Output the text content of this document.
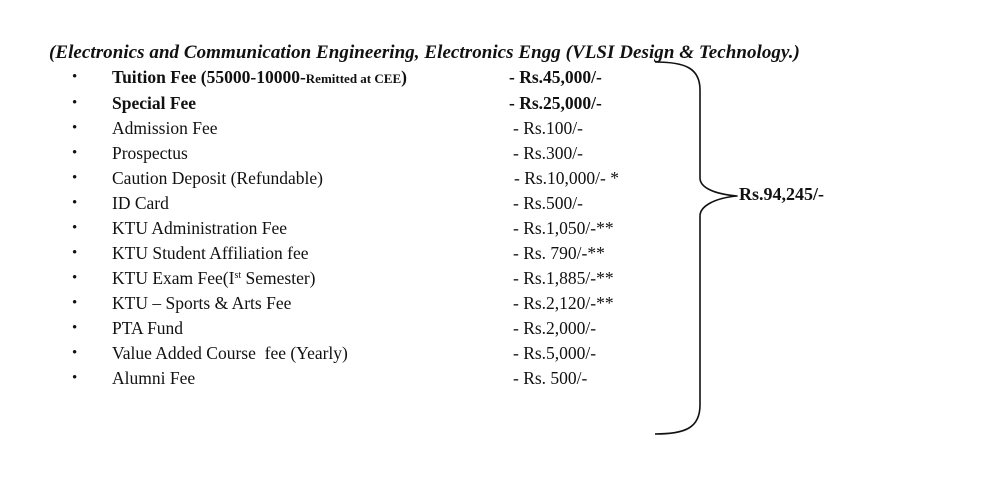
(Electronics and Communication Engineering, Electronics Engg (VLSI Design & Technology.)
• Tuition Fee (55000-10000-Remitted at CEE)	- Rs.45,000/-
• Special Fee	- Rs.25,000/-
• Admission Fee	- Rs.100/-
• Prospectus	- Rs.300/-
• Caution Deposit (Refundable)	- Rs.10,000/- *
• ID Card	- Rs.500/-
• KTU Administration Fee	- Rs.1,050/-**
• KTU Student Affiliation fee	- Rs. 790/-**
• KTU Exam Fee(Ist Semester)	- Rs.1,885/-**
• KTU – Sports & Arts Fee	- Rs.2,120/-**
• PTA Fund	- Rs.2,000/-
• Value Added Course  fee (Yearly)	- Rs.5,000/-
• Alumni Fee	- Rs. 500/-
Rs.94,245/-
